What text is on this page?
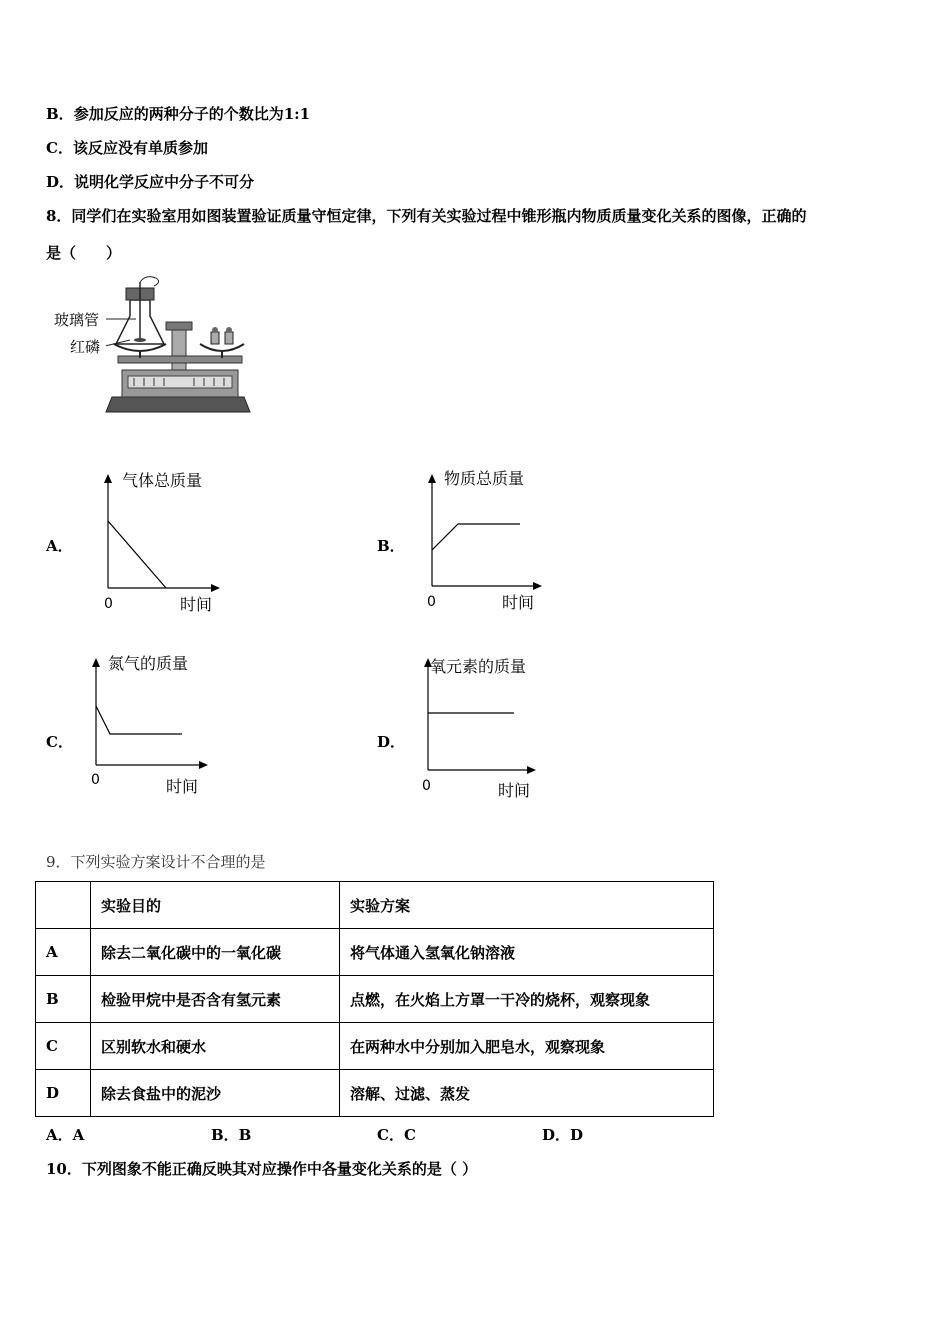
B．参加反应的两种分子的个数比为1:1
C．该反应没有单质参加
D．说明化学反应中分子不可分
8．同学们在实验室用如图装置验证质量守恒定律，下列有关实验过程中锥形瓶内物质质量变化关系的图像，正确的
是（　　）
玻璃管
红磷
A．	B．
C．	D．
气体总质量
0	时间
物质总质量
0	时间
氮气的质量
0	时间
氧元素的质量
0	时间
9．下列实验方案设计不合理的是
	实验目的	实验方案
A	除去二氧化碳中的一氧化碳	将气体通入氢氧化钠溶液
B	检验甲烷中是否含有氢元素	点燃，在火焰上方罩一干冷的烧杯，观察现象
C	区别软水和硬水	在两种水中分别加入肥皂水，观察现象
D	除去食盐中的泥沙	溶解、过滤、蒸发
A．A	B．B	C．C	D．D
10．下列图象不能正确反映其对应操作中各量变化关系的是（ ）
